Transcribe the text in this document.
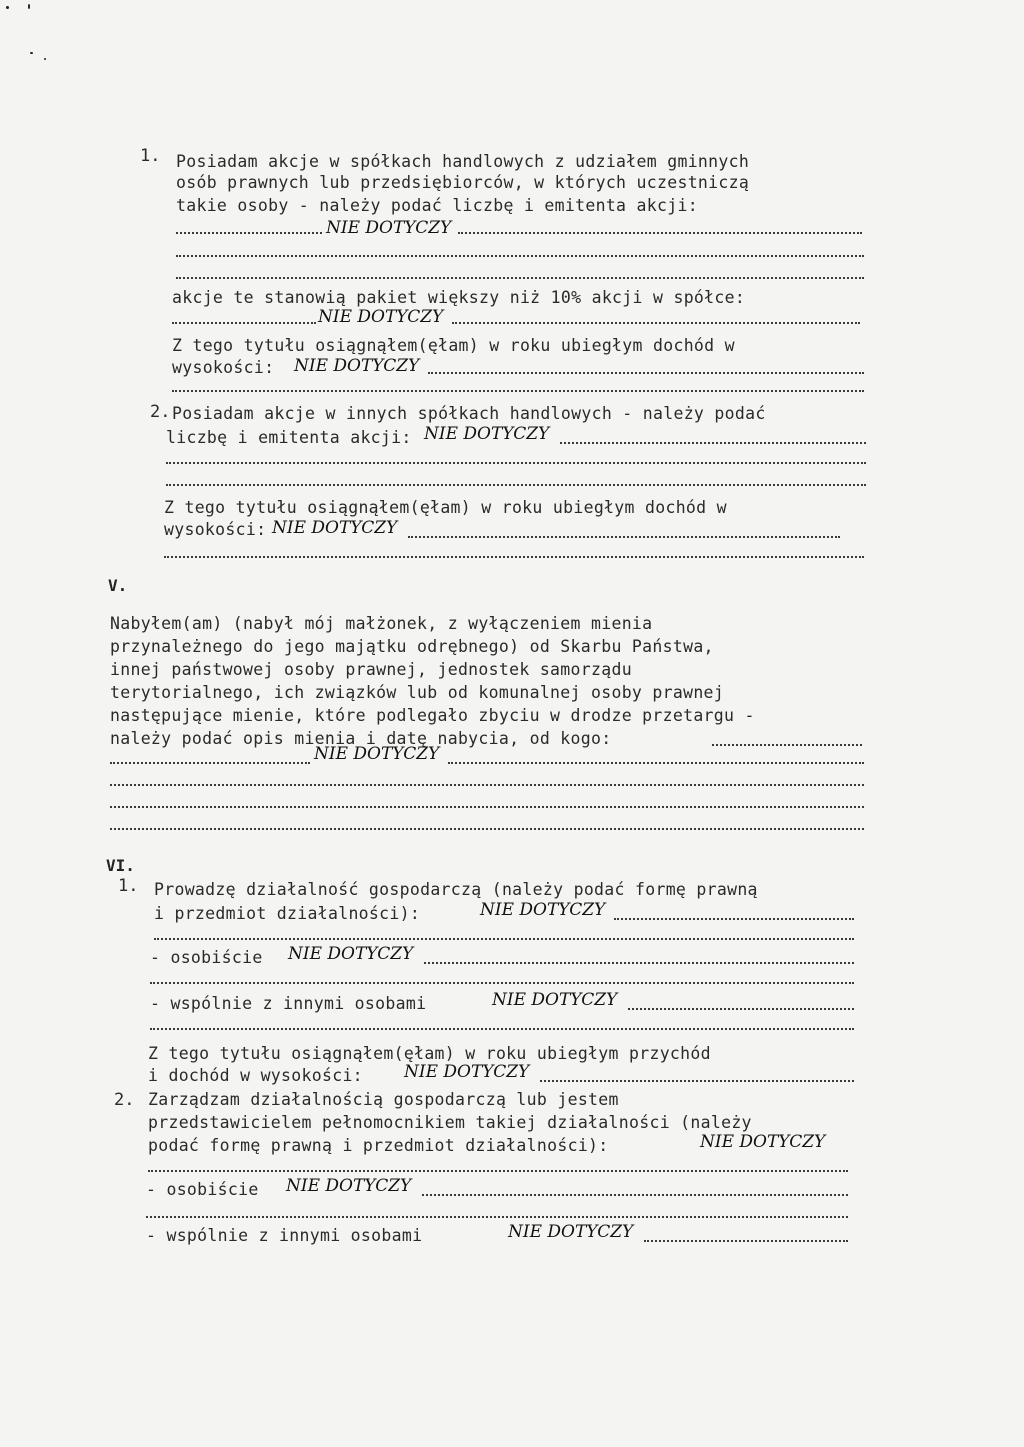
1. Posiadam akcje w spółkach handlowych z udziałem gminnych
osób prawnych lub przedsiębiorców, w których uczestniczą
takie osoby - należy podać liczbę i emitenta akcji:
NIE DOTYCZY
akcje te stanowią pakiet większy niż 10% akcji w spółce:
NIE DOTYCZY
Z tego tytułu osiągnąłem(ęłam) w roku ubiegłym dochód w
wysokości: NIE DOTYCZY
2. Posiadam akcje w innych spółkach handlowych - należy podać
liczbę i emitenta akcji: NIE DOTYCZY
Z tego tytułu osiągnąłem(ęłam) w roku ubiegłym dochód w
wysokości: NIE DOTYCZY
V.
Nabyłem(am) (nabył mój małżonek, z wyłączeniem mienia
przynależnego do jego majątku odrębnego) od Skarbu Państwa,
innej państwowej osoby prawnej, jednostek samorządu
terytorialnego, ich związków lub od komunalnej osoby prawnej
następujące mienie, które podlegało zbyciu w drodze przetargu -
należy podać opis mienia i datę nabycia, od kogo:
NIE DOTYCZY
VI.
1. Prowadzę działalność gospodarczą (należy podać formę prawną
i przedmiot działalności):	NIE DOTYCZY
- osobiście NIE DOTYCZY
- wspólnie z innymi osobami	NIE DOTYCZY
Z tego tytułu osiągnąłem(ęłam) w roku ubiegłym przychód
i dochód w wysokości: NIE DOTYCZY
2. Zarządzam działalnością gospodarczą lub jestem
przedstawicielem pełnomocnikiem takiej działalności (należy
podać formę prawną i przedmiot działalności):	NIE DOTYCZY
- osobiście NIE DOTYCZY
- wspólnie z innymi osobami	NIE DOTYCZY
